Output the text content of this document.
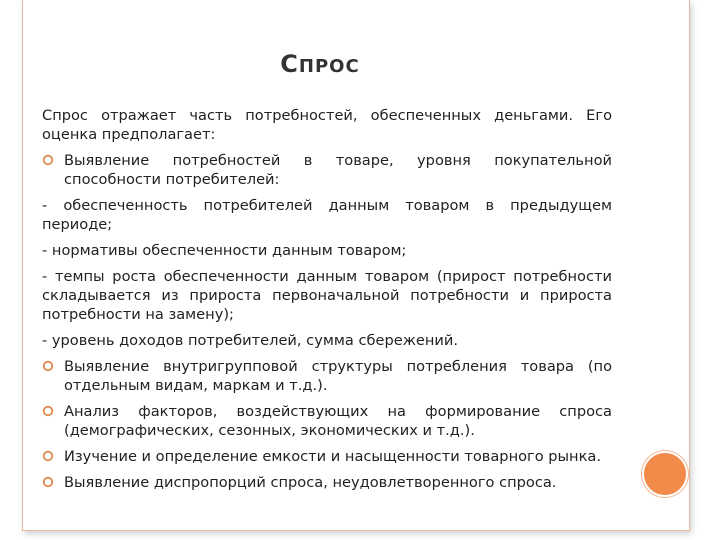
СПРОС

Спрос отражает часть потребностей, обеспеченных деньгами. Его оценка предполагает:

Выявление потребностей в товаре, уровня покупательной способности потребителей:

- обеспеченность потребителей данным товаром в предыдущем периоде;

- нормативы обеспеченности данным товаром;

- темпы роста обеспеченности данным товаром (прирост потребности складывается из прироста первоначальной потребности и прироста потребности на замену);

- уровень доходов потребителей, сумма сбережений.

Выявление внутригрупповой структуры потребления товара (по отдельным видам, маркам и т.д.).

Анализ факторов, воздействующих на формирование спроса (демографических, сезонных, экономических и т.д.).

Изучение и определение емкости и насыщенности товарного рынка.

Выявление диспропорций спроса, неудовлетворенного спроса.
